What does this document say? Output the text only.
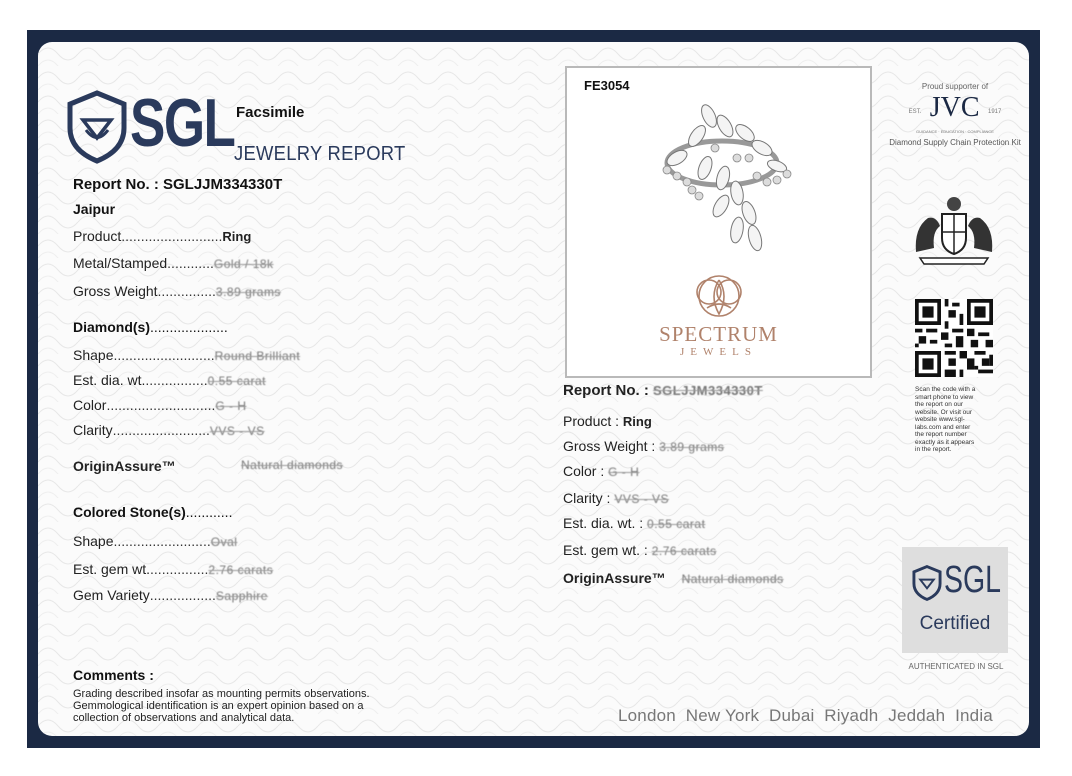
SGL Facsimile
JEWELRY REPORT
Report No. : SGLJJM334330T
Jaipur
Product..........................Ring
Metal/Stamped............Gold / 18k
Gross Weight...............3.89 grams
Diamond(s)....................
Shape..........................Round Brilliant
Est. dia. wt.................0.55 carat
Color............................G - H
Clarity.........................VVS - VS
OriginAssure™	Natural diamonds
Colored Stone(s)............
Shape.........................Oval
Est. gem wt................2.76 carats
Gem Variety.................Sapphire
Comments :
Grading described insofar as mounting permits observations.
Gemmological identification is an expert opinion based on a
collection of observations and analytical data.
FE3054
SPECTRUM
JEWELS
Report No. : SGLJJM334330T
Product : Ring
Gross Weight : 3.89 grams
Color : G - H
Clarity : VVS - VS
Est. dia. wt. : 0.55 carat
Est. gem wt. : 2.76 carats
OriginAssure™ Natural diamonds
Proud supporter of
EST. JVC 1917
GUIDANCE · EDUCATION · COMPLIANCE
Diamond Supply Chain Protection Kit
Scan the code with a
smart phone to view
the report on our
website. Or visit our
website www.sgl-
labs.com and enter
the report number
exactly as it appears
in the report.
SGL
Certified
AUTHENTICATED IN SGL
London  New York  Dubai  Riyadh  Jeddah  India
